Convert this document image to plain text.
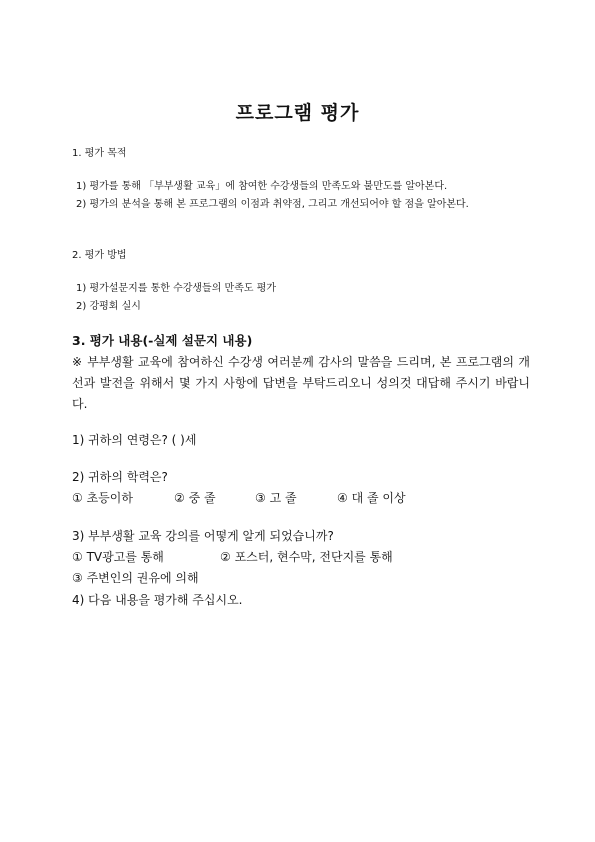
프로그램 평가
1. 평가 목적
1) 평가를 통해 「부부생활 교육」에 참여한 수강생들의 만족도와 불만도를 알아본다.
2) 평가의 분석을 통해 본 프로그램의 이점과 취약점, 그리고 개선되어야 할 점을 알아본다.
2. 평가 방법
1) 평가설문지를 통한 수강생들의 만족도 평가
2) 강평회 실시
3. 평가 내용(-실제 설문지 내용)
※ 부부생활 교육에 참여하신 수강생 여러분께 감사의 말씀을 드리며, 본 프로그램의 개선과 발전을 위해서 몇 가지 사항에 답변을 부탁드리오니 성의것 대답해 주시기 바랍니다.
1) 귀하의 연령은? ( )세
2) 귀하의 학력은?
① 초등이하	② 중 졸	③ 고 졸	④ 대 졸 이상
3) 부부생활 교육 강의를 어떻게 알게 되었습니까?
① TV광고를 통해	② 포스터, 현수막, 전단지를 통해
③ 주변인의 권유에 의해
4) 다음 내용을 평가해 주십시오.
